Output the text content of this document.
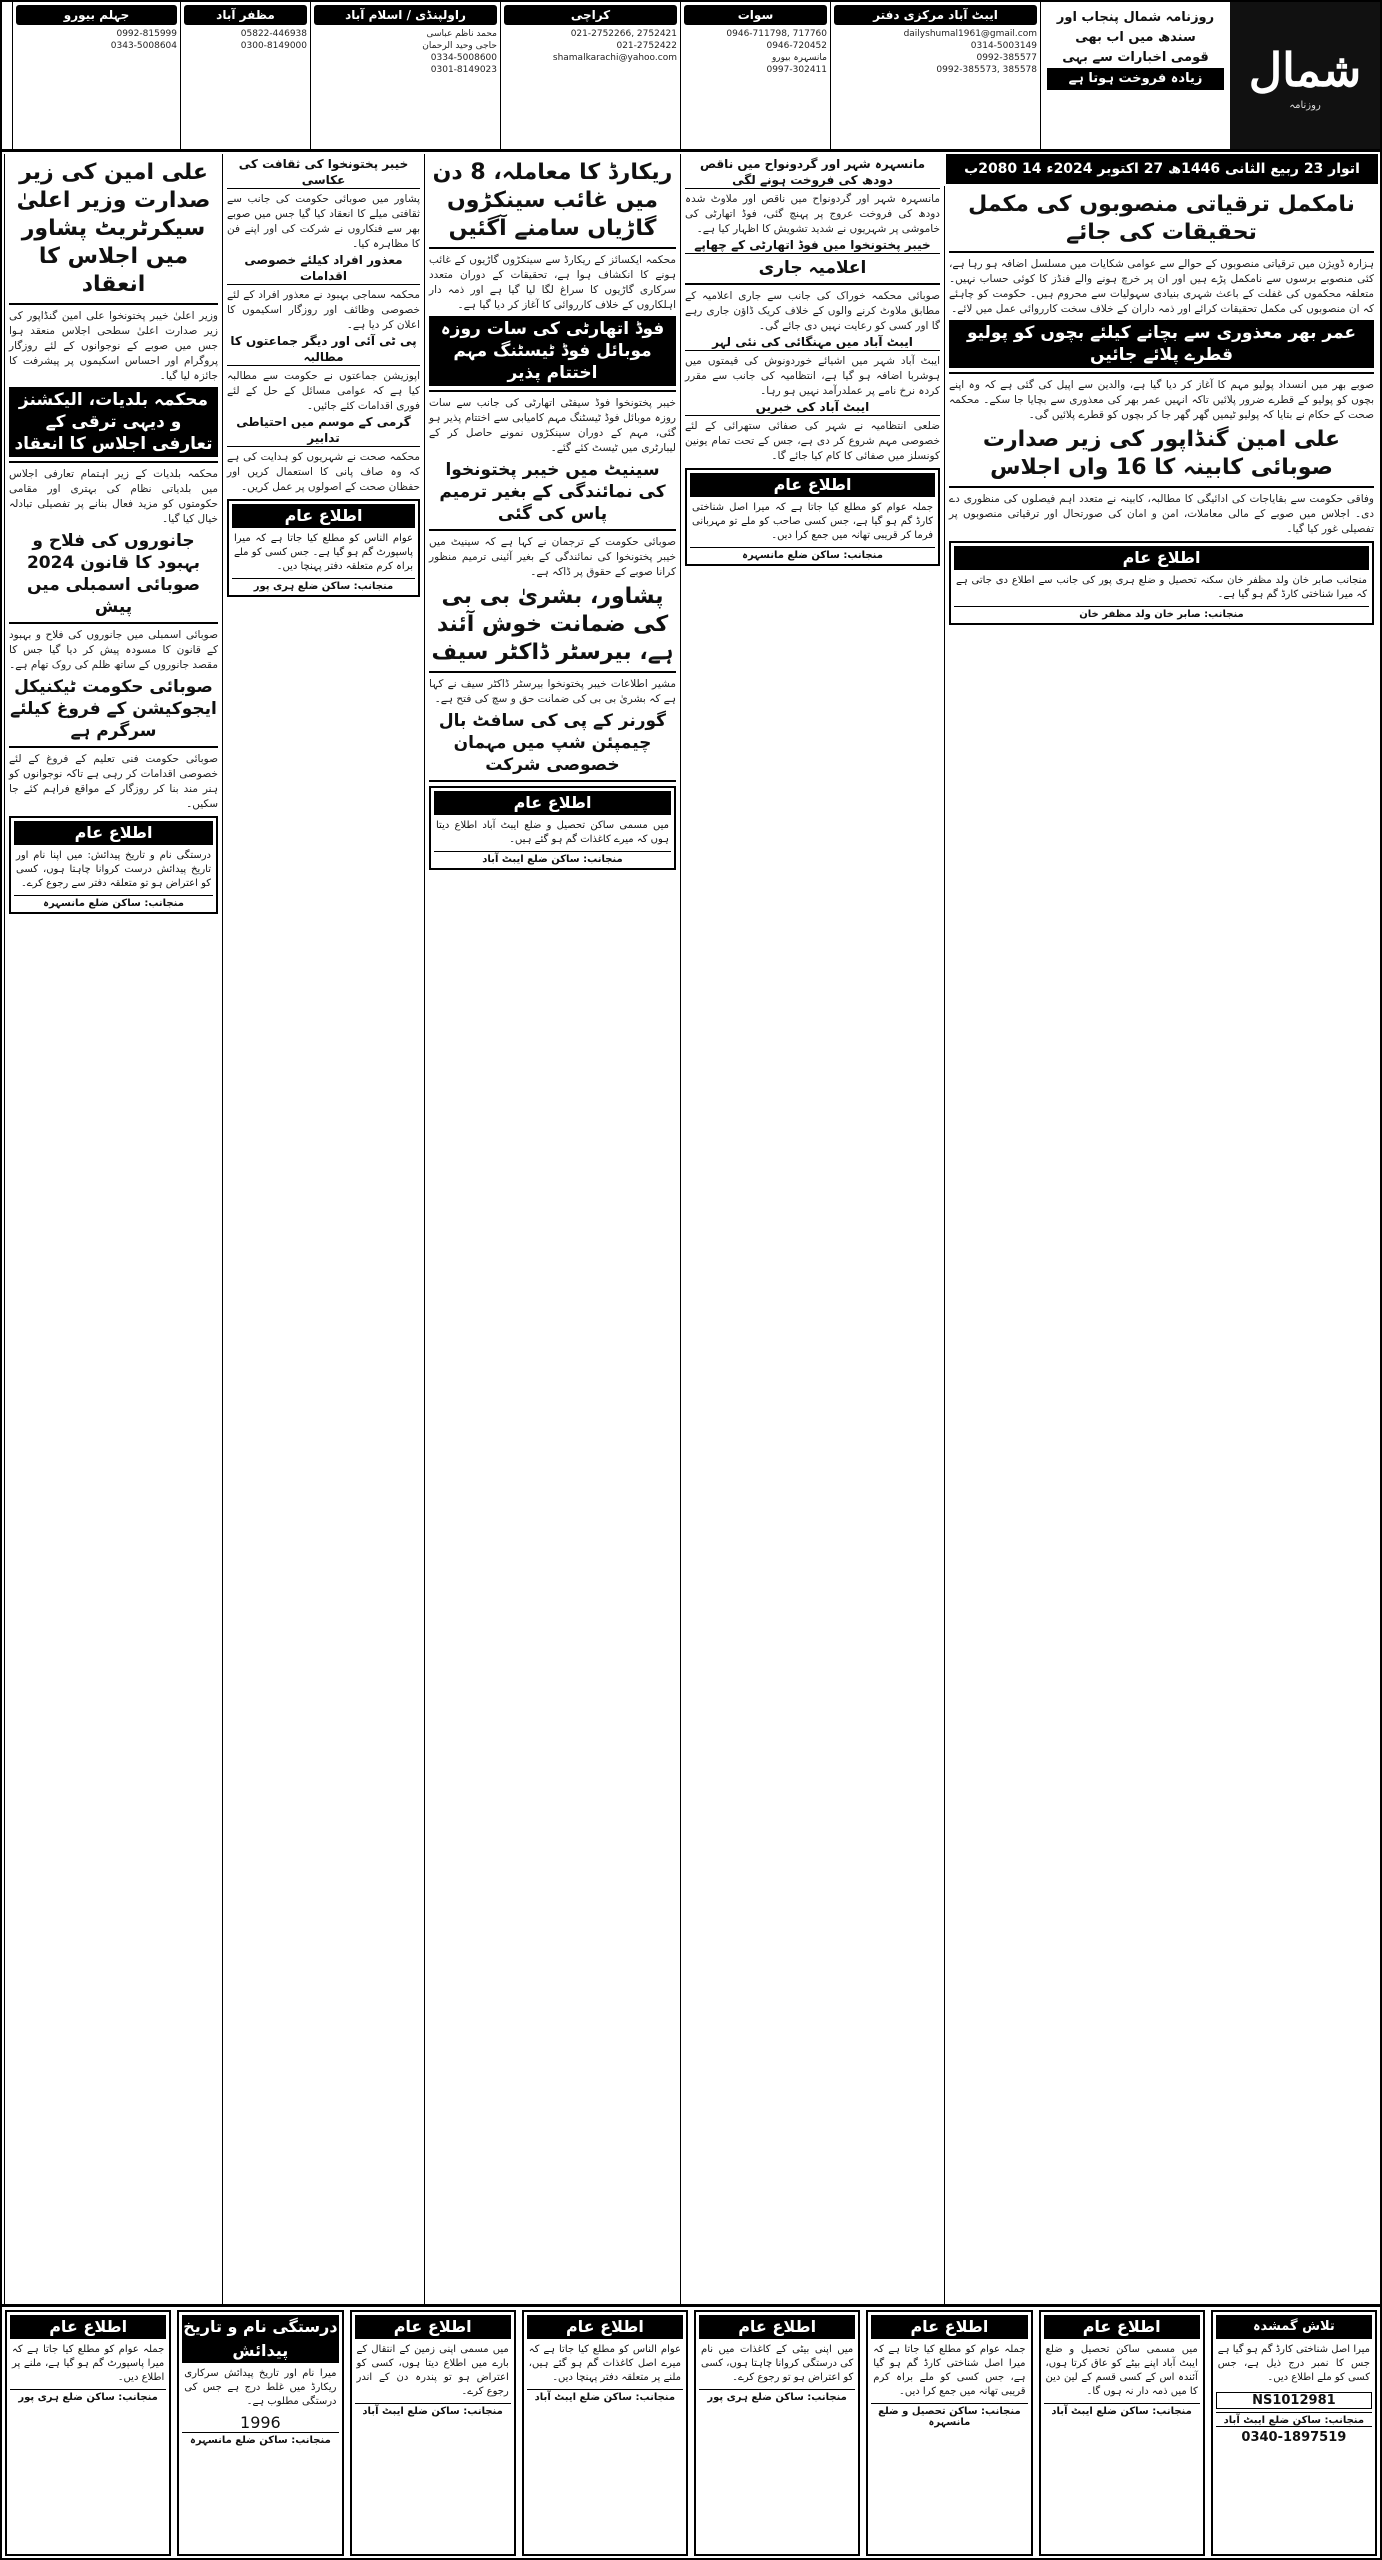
شمال
روزنامہ
روزنامہ شمال پنجاب اور
سندھ میں اب بھی
قومی اخبارات سے بہی
زیادہ فروخت ہوتا ہے
ایبٹ آباد مرکزی دفتر
dailyshumal1961@gmail.com
0314-5003149
0992-385577
0992-385573, 385578
سوات
0946-711798, 717760
0946-720452
مانسہرہ بیورو
0997-302411
کراچی
021-2752266, 2752421
021-2752422
shamalkarachi@yahoo.com
راولپنڈی / اسلام آباد
محمد ناظم عباسی
حاجی وحید الرحمان
0334-5008600
0301-8149023
مظفر آباد
05822-446938
0300-8149000
جہلم بیورو
0992-815999
0343-5008604
اتوار 23 ربیع الثانی 1446ھ 27 اکتوبر 2024ء 14 2080ب
نامکمل ترقیاتی منصوبوں کی مکمل تحقیقات کی جائے
ہزارہ ڈویژن میں ترقیاتی منصوبوں کے حوالے سے عوامی شکایات میں مسلسل اضافہ ہو رہا ہے، کئی منصوبے برسوں سے نامکمل پڑے ہیں اور ان پر خرچ ہونے والے فنڈز کا کوئی حساب نہیں۔ متعلقہ محکموں کی غفلت کے باعث شہری بنیادی سہولیات سے محروم ہیں۔ حکومت کو چاہئے کہ ان منصوبوں کی مکمل تحقیقات کرائے اور ذمہ داران کے خلاف سخت کارروائی عمل میں لائے۔
عمر بھر معذوری سے بچانے کیلئے بچوں کو پولیو قطرے پلائے جائیں
صوبے بھر میں انسداد پولیو مہم کا آغاز کر دیا گیا ہے، والدین سے اپیل کی گئی ہے کہ وہ اپنے بچوں کو پولیو کے قطرے ضرور پلائیں تاکہ انہیں عمر بھر کی معذوری سے بچایا جا سکے۔ محکمہ صحت کے حکام نے بتایا کہ پولیو ٹیمیں گھر گھر جا کر بچوں کو قطرے پلائیں گی۔
علی امین گنڈاپور کی زیر صدارت صوبائی کابینہ کا 16 واں اجلاس
وفاقی حکومت سے بقایاجات کی ادائیگی کا مطالبہ، کابینہ نے متعدد اہم فیصلوں کی منظوری دے دی۔ اجلاس میں صوبے کے مالی معاملات، امن و امان کی صورتحال اور ترقیاتی منصوبوں پر تفصیلی غور کیا گیا۔
اطلاع عام
منجانب صابر خان ولد مظفر خان سکنہ تحصیل و ضلع ہری پور کی جانب سے اطلاع دی جاتی ہے کہ میرا شناختی کارڈ گم ہو گیا ہے۔
منجانب: صابر خان ولد مظفر خان
مانسہرہ شہر اور گردونواح میں ناقص دودھ کی فروخت ہونے لگی
مانسہرہ شہر اور گردونواح میں ناقص اور ملاوٹ شدہ دودھ کی فروخت عروج پر پہنچ گئی، فوڈ اتھارٹی کی خاموشی پر شہریوں نے شدید تشویش کا اظہار کیا ہے۔
خیبر پختونخوا میں فوڈ اتھارٹی کے چھاپے
اعلامیہ جاری
صوبائی محکمہ خوراک کی جانب سے جاری اعلامیہ کے مطابق ملاوٹ کرنے والوں کے خلاف کریک ڈاؤن جاری رہے گا اور کسی کو رعایت نہیں دی جائے گی۔
ایبٹ آباد میں مہنگائی کی نئی لہر
ایبٹ آباد شہر میں اشیائے خوردونوش کی قیمتوں میں ہوشربا اضافہ ہو گیا ہے، انتظامیہ کی جانب سے مقرر کردہ نرخ نامے پر عملدرآمد نہیں ہو رہا۔
ایبٹ آباد کی خبریں
ضلعی انتظامیہ نے شہر کی صفائی ستھرائی کے لئے خصوصی مہم شروع کر دی ہے، جس کے تحت تمام یونین کونسلز میں صفائی کا کام کیا جائے گا۔
اطلاع عام
جملہ عوام کو مطلع کیا جاتا ہے کہ میرا اصل شناختی کارڈ گم ہو گیا ہے، جس کسی صاحب کو ملے تو مہربانی فرما کر قریبی تھانہ میں جمع کرا دیں۔
منجانب: ساکن ضلع مانسہرہ
ریکارڈ کا معاملہ، 8 دن میں غائب سینکڑوں گاڑیاں سامنے آگئیں
محکمہ ایکسائز کے ریکارڈ سے سینکڑوں گاڑیوں کے غائب ہونے کا انکشاف ہوا ہے، تحقیقات کے دوران متعدد سرکاری گاڑیوں کا سراغ لگا لیا گیا ہے اور ذمہ دار اہلکاروں کے خلاف کارروائی کا آغاز کر دیا گیا ہے۔
فوڈ اتھارٹی کی سات روزہ موبائل فوڈ ٹیسٹنگ مہم اختتام پذیر
خیبر پختونخوا فوڈ سیفٹی اتھارٹی کی جانب سے سات روزہ موبائل فوڈ ٹیسٹنگ مہم کامیابی سے اختتام پذیر ہو گئی، مہم کے دوران سینکڑوں نمونے حاصل کر کے لیبارٹری میں ٹیسٹ کئے گئے۔
سینیٹ میں خیبر پختونخوا کی نمائندگی کے بغیر ترمیم پاس کی گئی
صوبائی حکومت کے ترجمان نے کہا ہے کہ سینیٹ میں خیبر پختونخوا کی نمائندگی کے بغیر آئینی ترمیم منظور کرانا صوبے کے حقوق پر ڈاکہ ہے۔
پشاور، بشریٰ بی بی کی ضمانت خوش آئند ہے، بیرسٹر ڈاکٹر سیف
مشیر اطلاعات خیبر پختونخوا بیرسٹر ڈاکٹر سیف نے کہا ہے کہ بشریٰ بی بی کی ضمانت حق و سچ کی فتح ہے۔
گورنر کے پی کی سافٹ بال چیمپئن شپ میں مہمان خصوصی شرکت
اطلاع عام
میں مسمی ساکن تحصیل و ضلع ایبٹ آباد اطلاع دیتا ہوں کہ میرے کاغذات گم ہو گئے ہیں۔
منجانب: ساکن ضلع ایبٹ آباد
خیبر پختونخوا کی ثقافت کی عکاسی
پشاور میں صوبائی حکومت کی جانب سے ثقافتی میلے کا انعقاد کیا گیا جس میں صوبے بھر سے فنکاروں نے شرکت کی اور اپنے فن کا مظاہرہ کیا۔
معذور افراد کیلئے خصوصی اقدامات
محکمہ سماجی بہبود نے معذور افراد کے لئے خصوصی وظائف اور روزگار اسکیموں کا اعلان کر دیا ہے۔
پی ٹی آئی اور دیگر جماعتوں کا مطالبہ
اپوزیشن جماعتوں نے حکومت سے مطالبہ کیا ہے کہ عوامی مسائل کے حل کے لئے فوری اقدامات کئے جائیں۔
گرمی کے موسم میں احتیاطی تدابیر
محکمہ صحت نے شہریوں کو ہدایت کی ہے کہ وہ صاف پانی کا استعمال کریں اور حفظان صحت کے اصولوں پر عمل کریں۔
اطلاع عام
عوام الناس کو مطلع کیا جاتا ہے کہ میرا پاسپورٹ گم ہو گیا ہے۔ جس کسی کو ملے براہ کرم متعلقہ دفتر پہنچا دیں۔
منجانب: ساکن ضلع ہری پور
علی امین کی زیر صدارت وزیر اعلیٰ سیکرٹریٹ پشاور میں اجلاس کا انعقاد
وزیر اعلیٰ خیبر پختونخوا علی امین گنڈاپور کی زیر صدارت اعلیٰ سطحی اجلاس منعقد ہوا جس میں صوبے کے نوجوانوں کے لئے روزگار پروگرام اور احساس اسکیموں پر پیشرفت کا جائزہ لیا گیا۔
محکمہ بلدیات، الیکشنز و دیہی ترقی کے تعارفی اجلاس کا انعقاد
محکمہ بلدیات کے زیر اہتمام تعارفی اجلاس میں بلدیاتی نظام کی بہتری اور مقامی حکومتوں کو مزید فعال بنانے پر تفصیلی تبادلہ خیال کیا گیا۔
جانوروں کی فلاح و بہبود کا قانون 2024 صوبائی اسمبلی میں پیش
صوبائی اسمبلی میں جانوروں کی فلاح و بہبود کے قانون کا مسودہ پیش کر دیا گیا جس کا مقصد جانوروں کے ساتھ ظلم کی روک تھام ہے۔
صوبائی حکومت ٹیکنیکل ایجوکیشن کے فروغ کیلئے سرگرم ہے
صوبائی حکومت فنی تعلیم کے فروغ کے لئے خصوصی اقدامات کر رہی ہے تاکہ نوجوانوں کو ہنر مند بنا کر روزگار کے مواقع فراہم کئے جا سکیں۔
اطلاع عام
درستگی نام و تاریخ پیدائش: میں اپنا نام اور تاریخ پیدائش درست کروانا چاہتا ہوں، کسی کو اعتراض ہو تو متعلقہ دفتر سے رجوع کرے۔
منجانب: ساکن ضلع مانسہرہ
تلاش گمشدہ
میرا اصل شناختی کارڈ گم ہو گیا ہے جس کا نمبر درج ذیل ہے، جس کسی کو ملے اطلاع دیں۔
NS1012981
منجانب: ساکن ضلع ایبٹ آباد
0340-1897519
اطلاع عام
میں مسمی ساکن تحصیل و ضلع ایبٹ آباد اپنے بیٹے کو عاق کرتا ہوں، آئندہ اس کے کسی قسم کے لین دین کا میں ذمہ دار نہ ہوں گا۔
منجانب: ساکن ضلع ایبٹ آباد
اطلاع عام
جملہ عوام کو مطلع کیا جاتا ہے کہ میرا اصل شناختی کارڈ گم ہو گیا ہے، جس کسی کو ملے براہ کرم قریبی تھانہ میں جمع کرا دیں۔
منجانب: ساکن تحصیل و ضلع مانسہرہ
اطلاع عام
میں اپنی بیٹی کے کاغذات میں نام کی درستگی کروانا چاہتا ہوں، کسی کو اعتراض ہو تو رجوع کرے۔
منجانب: ساکن ضلع ہری پور
اطلاع عام
عوام الناس کو مطلع کیا جاتا ہے کہ میرے اصل کاغذات گم ہو گئے ہیں، ملنے پر متعلقہ دفتر پہنچا دیں۔
منجانب: ساکن ضلع ایبٹ آباد
اطلاع عام
میں مسمی اپنی زمین کے انتقال کے بارے میں اطلاع دیتا ہوں، کسی کو اعتراض ہو تو پندرہ دن کے اندر رجوع کرے۔
منجانب: ساکن ضلع ایبٹ آباد
درستگی نام و تاریخ پیدائش
میرا نام اور تاریخ پیدائش سرکاری ریکارڈ میں غلط درج ہے جس کی درستگی مطلوب ہے۔
1996
منجانب: ساکن ضلع مانسہرہ
اطلاع عام
جملہ عوام کو مطلع کیا جاتا ہے کہ میرا پاسپورٹ گم ہو گیا ہے، ملنے پر اطلاع دیں۔
منجانب: ساکن ضلع ہری پور
